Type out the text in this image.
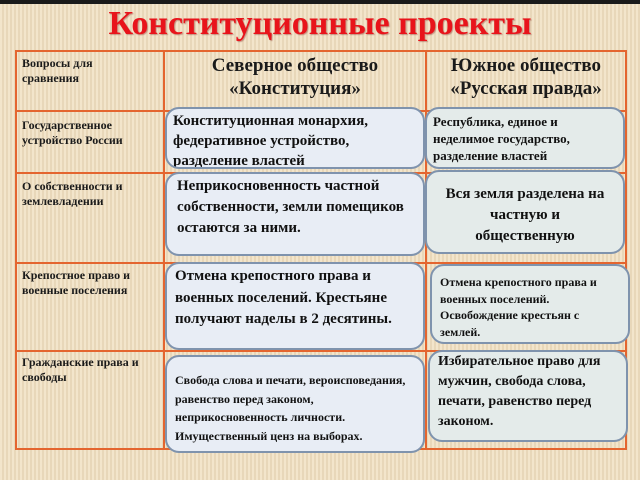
Конституционные проекты
Вопросы для сравнения
Северное общество
«Конституция»
Южное общество
«Русская правда»
Государственное устройство России
О собственности и землевладении
Крепостное право и военные поселения
Гражданские права и свободы
Конституционная монархия, федеративное устройство, разделение властей
Республика, единое и неделимое государство, разделение властей
Неприкосновенность частной собственности, земли помещиков остаются за ними.
Вся земля разделена на частную и общественную
Отмена крепостного права и военных поселений. Крестьяне получают наделы в 2 десятины.
Отмена крепостного права и военных поселений. Освобождение крестьян с землей.
Свобода слова и печати, вероисповедания, равенство перед законом, неприкосновенность личности. Имущественный ценз на выборах.
Избирательное право для мужчин, свобода слова, печати, равенство перед законом.
